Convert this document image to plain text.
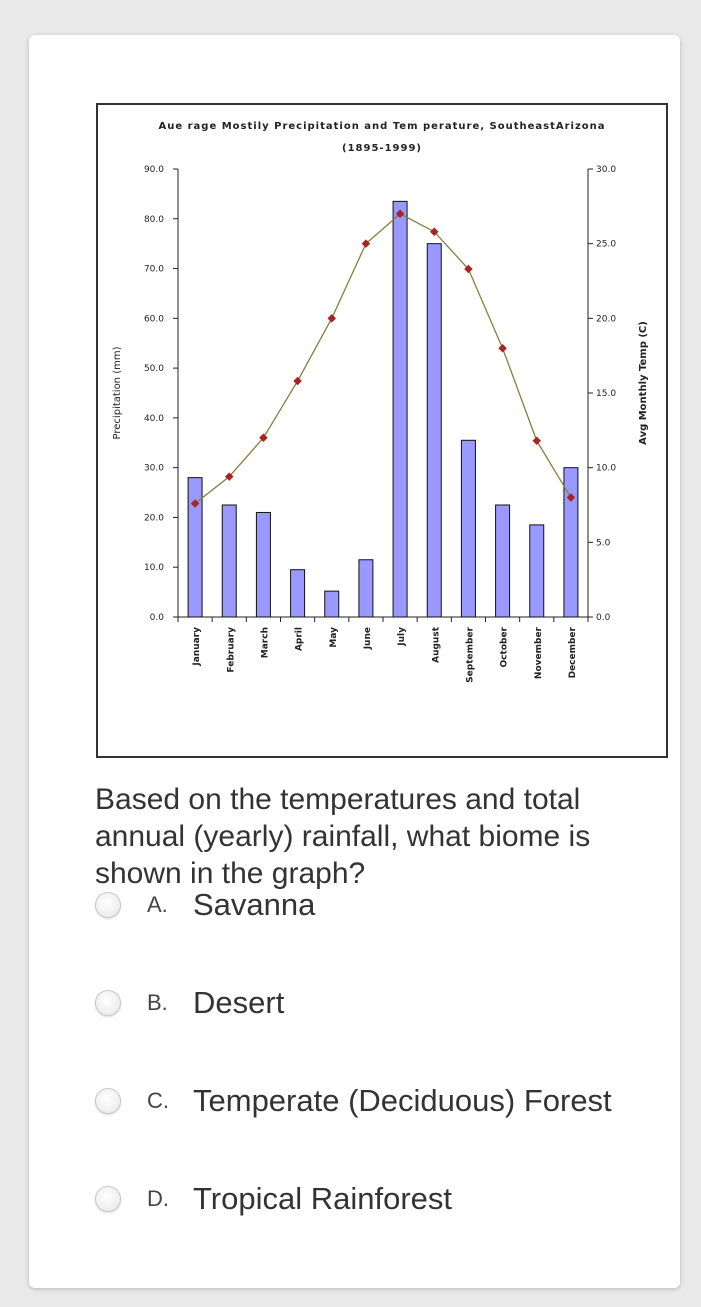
Aue rage Mostily Precipitation and Tem perature, SoutheastArizona
(1895-1999)
0.0
10.0
20.0
30.0
40.0
50.0
60.0
70.0
80.0
90.0
0.0
5.0
10.0
15.0
20.0
25.0
30.0
Precipitation (mm)	Avg Monthly Temp (C)
January	February	March	April	May	June	July	August	September	October	November	December
Based on the temperatures and total annual (yearly) rainfall, what biome is shown in the graph?
A. Savanna
B. Desert
C. Temperate (Deciduous) Forest
D. Tropical Rainforest
